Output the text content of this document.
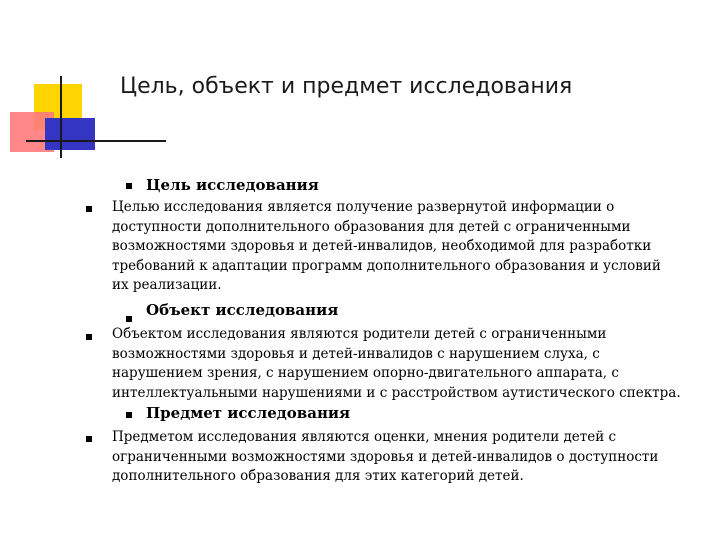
Цель, объект и предмет исследования
Цель исследования

Целью исследования является получение развернутой информации о
доступности дополнительного образования для детей с ограниченными
возможностями здоровья и детей-инвалидов, необходимой для разработки
требований к адаптации программ дополнительного образования и условий
их реализации.

Объект исследования

Объектом исследования являются родители детей с ограниченными
возможностями здоровья и детей-инвалидов с нарушением слуха, с
нарушением зрения, с нарушением опорно-двигательного аппарата, с
интеллектуальными нарушениями и с расстройством аутистического спектра.

Предмет исследования

Предметом исследования являются оценки, мнения родители детей с
ограниченными возможностями здоровья и детей-инвалидов о доступности
дополнительного образования для этих категорий детей.
